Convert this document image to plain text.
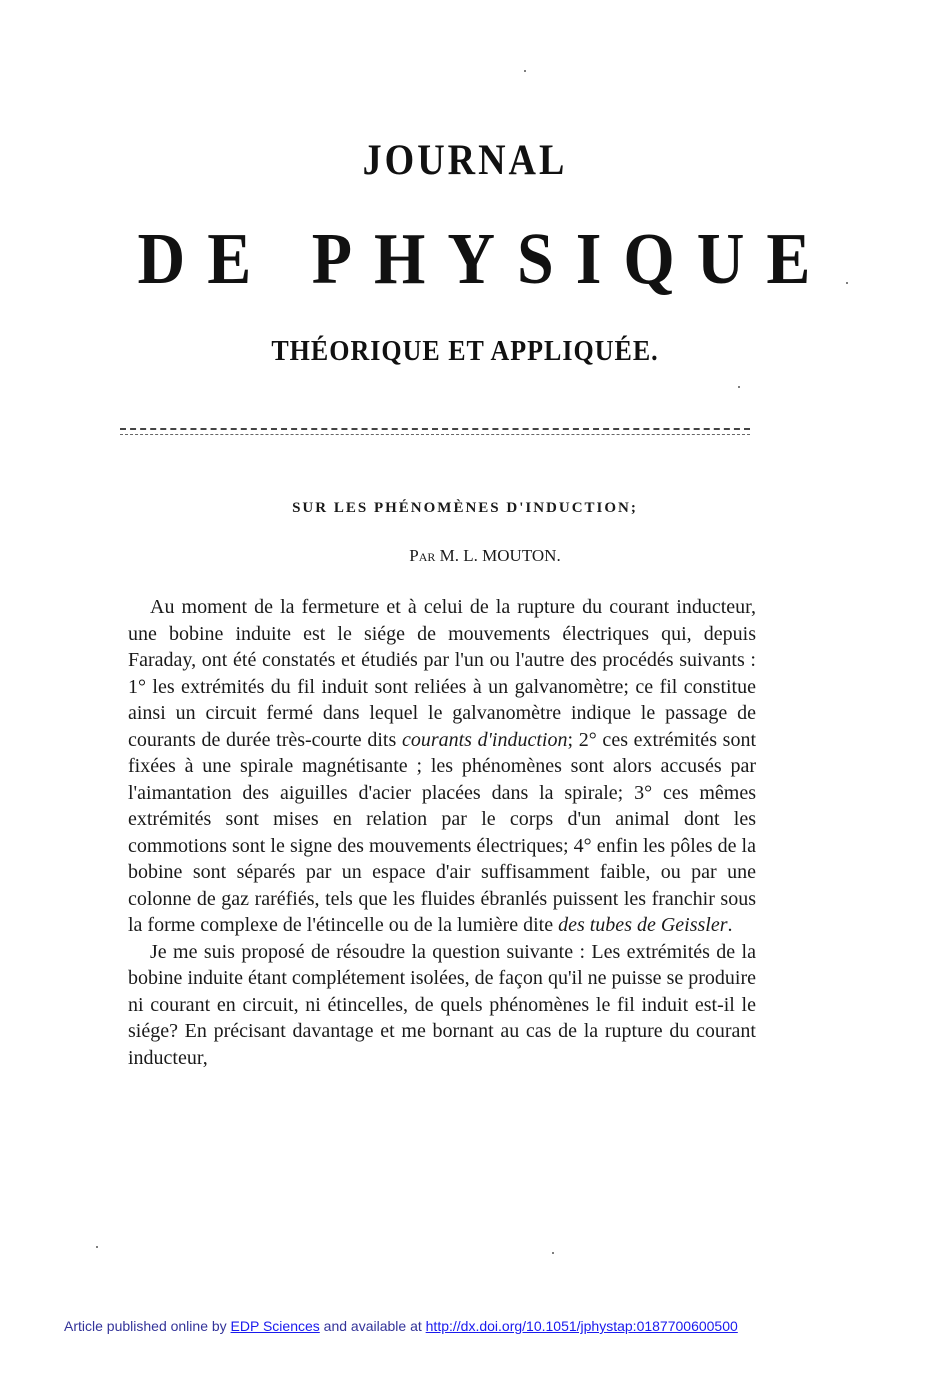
JOURNAL
DE PHYSIQUE
THÉORIQUE ET APPLIQUÉE.
SUR LES PHÉNOMÈNES D'INDUCTION;
Par M. L. MOUTON.

Au moment de la fermeture et à celui de la rupture du courant inducteur, une bobine induite est le siége de mouvements électriques qui, depuis Faraday, ont été constatés et étudiés par l'un ou l'autre des procédés suivants : 1° les extrémités du fil induit sont reliées à un galvanomètre; ce fil constitue ainsi un circuit fermé dans lequel le galvanomètre indique le passage de courants de durée très-courte dits courants d'induction; 2° ces extrémités sont fixées à une spirale magnétisante ; les phénomènes sont alors accusés par l'aimantation des aiguilles d'acier placées dans la spirale; 3° ces mêmes extrémités sont mises en relation par le corps d'un animal dont les commotions sont le signe des mouvements électriques; 4° enfin les pôles de la bobine sont séparés par un espace d'air suffisamment faible, ou par une colonne de gaz raréfiés, tels que les fluides ébranlés puissent les franchir sous la forme complexe de l'étincelle ou de la lumière dite des tubes de Geissler.

Je me suis proposé de résoudre la question suivante : Les extrémités de la bobine induite étant complétement isolées, de façon qu'il ne puisse se produire ni courant en circuit, ni étincelles, de quels phénomènes le fil induit est-il le siége? En précisant davantage et me bornant au cas de la rupture du courant inducteur,

Article published online by EDP Sciences and available at http://dx.doi.org/10.1051/jphystap:0187700600500
